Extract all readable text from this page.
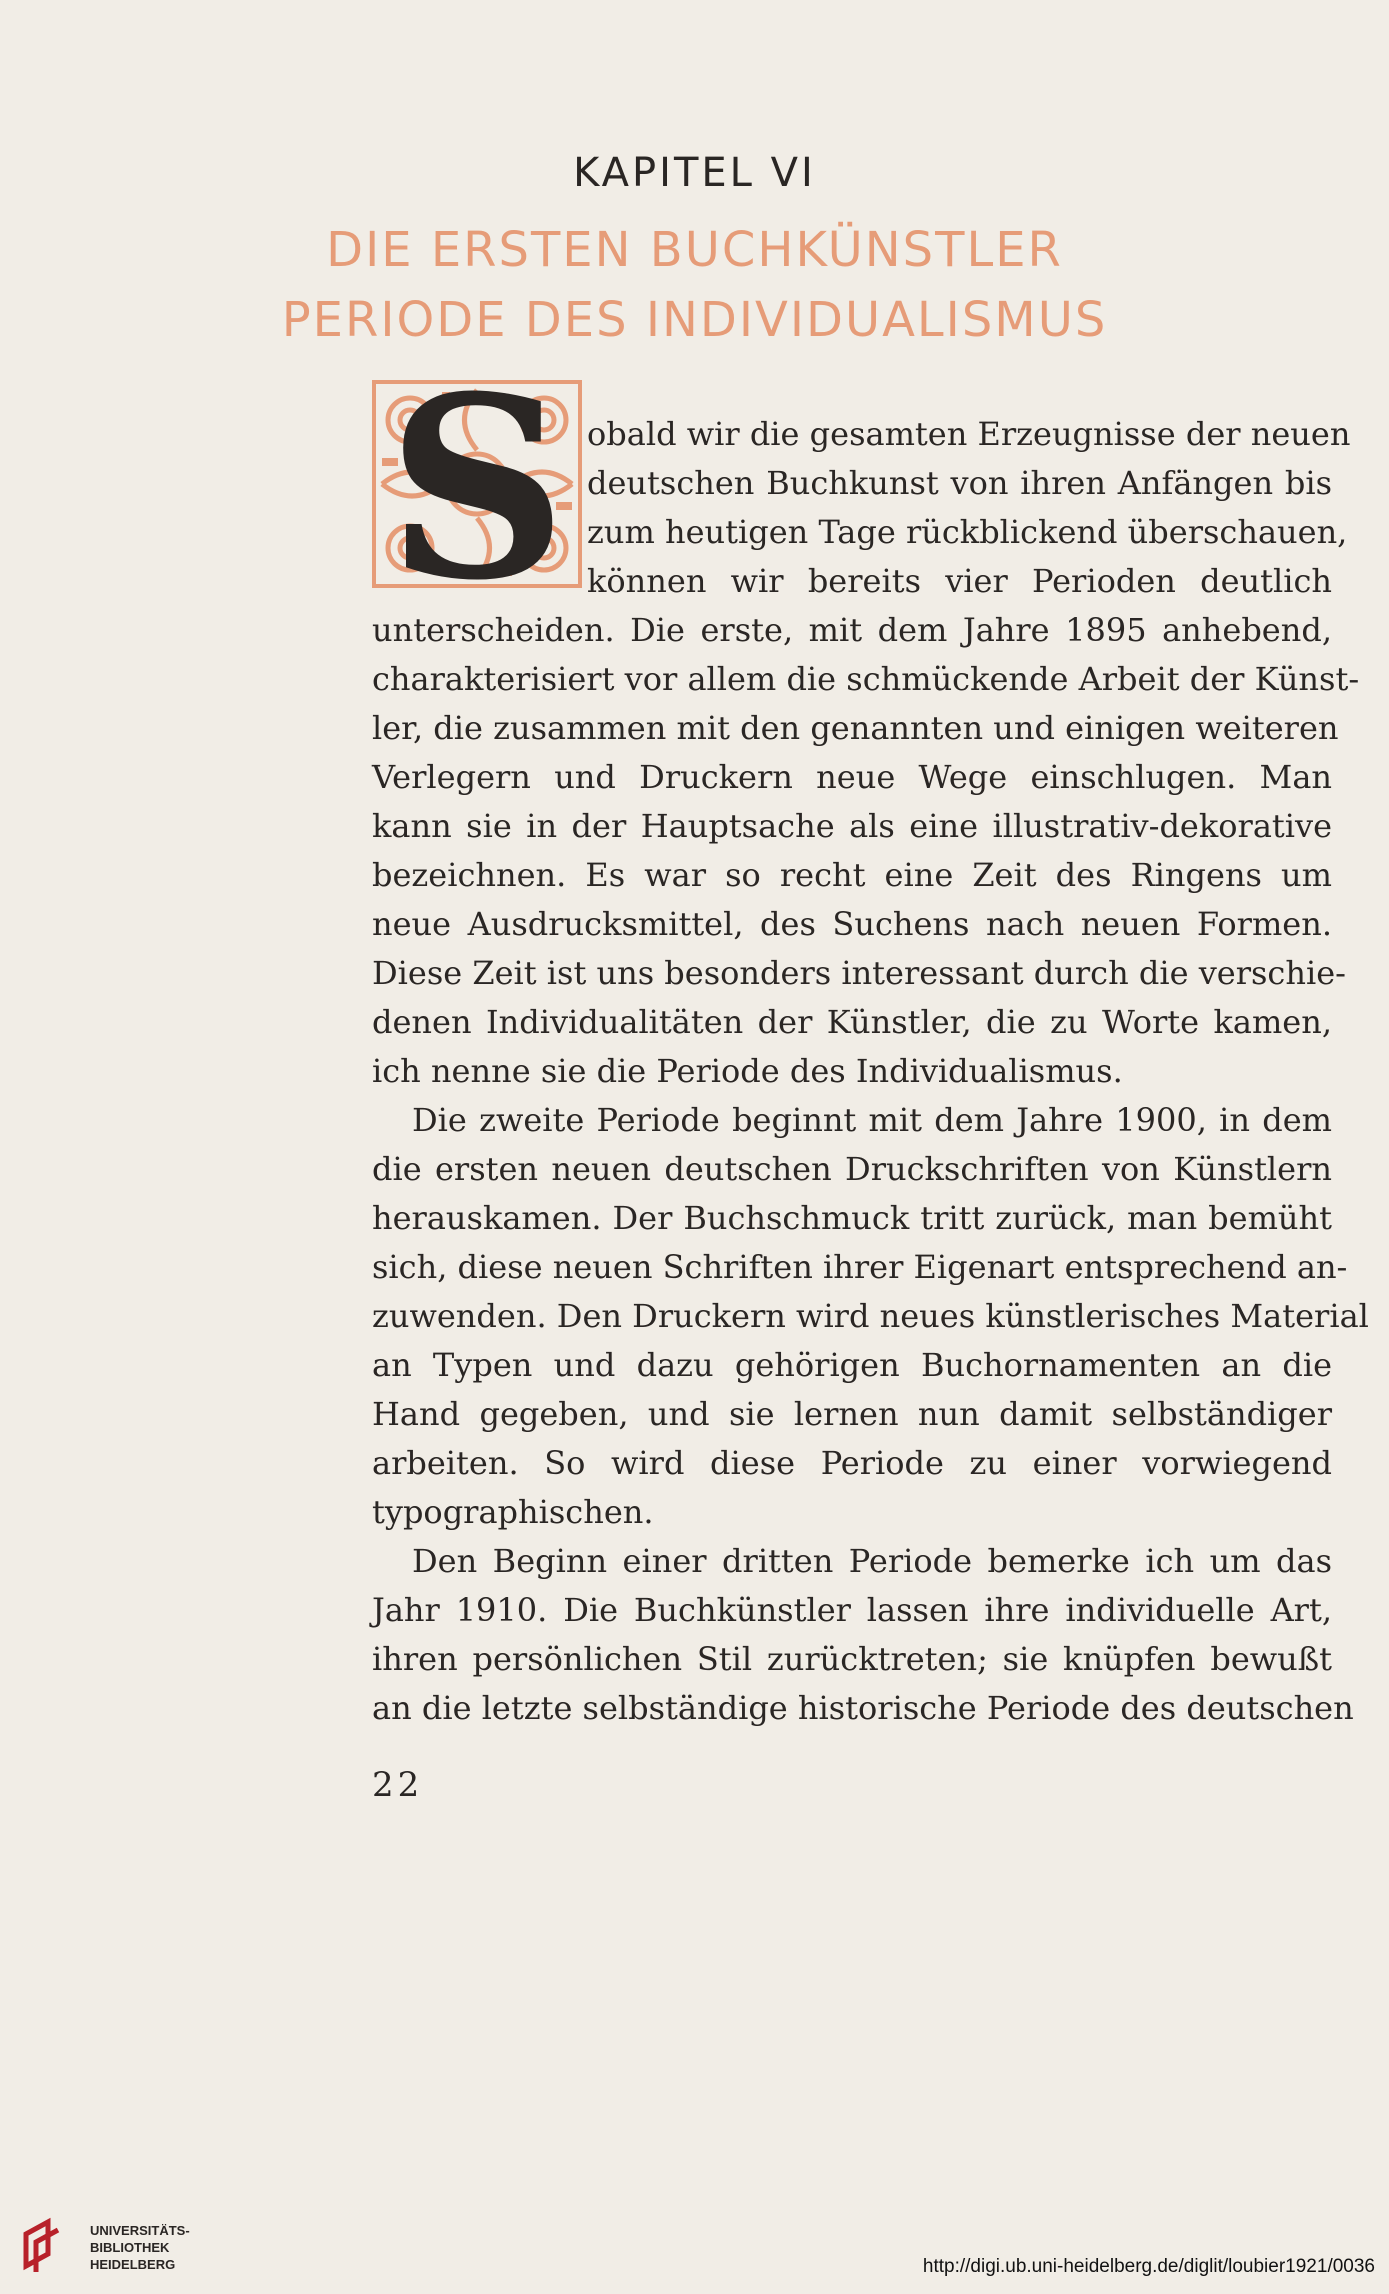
KAPITEL VI
DIE ERSTEN BUCHKÜNSTLER
PERIODE DES INDIVIDUALISMUS
S obald wir die gesamten Erzeugnisse der neuen
deutschen Buchkunst von ihren Anfängen bis
zum heutigen Tage rückblickend überschauen,
können wir bereits vier Perioden deutlich
unterscheiden. Die erste, mit dem Jahre 1895 anhebend,
charakterisiert vor allem die schmückende Arbeit der Künst-
ler, die zusammen mit den genannten und einigen weiteren
Verlegern und Druckern neue Wege einschlugen. Man
kann sie in der Hauptsache als eine illustrativ-dekorative
bezeichnen. Es war so recht eine Zeit des Ringens um
neue Ausdrucksmittel, des Suchens nach neuen Formen.
Diese Zeit ist uns besonders interessant durch die verschie-
denen Individualitäten der Künstler, die zu Worte kamen,
ich nenne sie die Periode des Individualismus.
Die zweite Periode beginnt mit dem Jahre 1900, in dem
die ersten neuen deutschen Druckschriften von Künstlern
herauskamen. Der Buchschmuck tritt zurück, man bemüht
sich, diese neuen Schriften ihrer Eigenart entsprechend an-
zuwenden. Den Druckern wird neues künstlerisches Material
an Typen und dazu gehörigen Buchornamenten an die
Hand gegeben, und sie lernen nun damit selbständiger
arbeiten. So wird diese Periode zu einer vorwiegend
typographischen.
Den Beginn einer dritten Periode bemerke ich um das
Jahr 1910. Die Buchkünstler lassen ihre individuelle Art,
ihren persönlichen Stil zurücktreten; sie knüpfen bewußt
an die letzte selbständige historische Periode des deutschen
22
UNIVERSITÄTS-
BIBLIOTHEK
HEIDELBERG	http://digi.ub.uni-heidelberg.de/diglit/loubier1921/0036
